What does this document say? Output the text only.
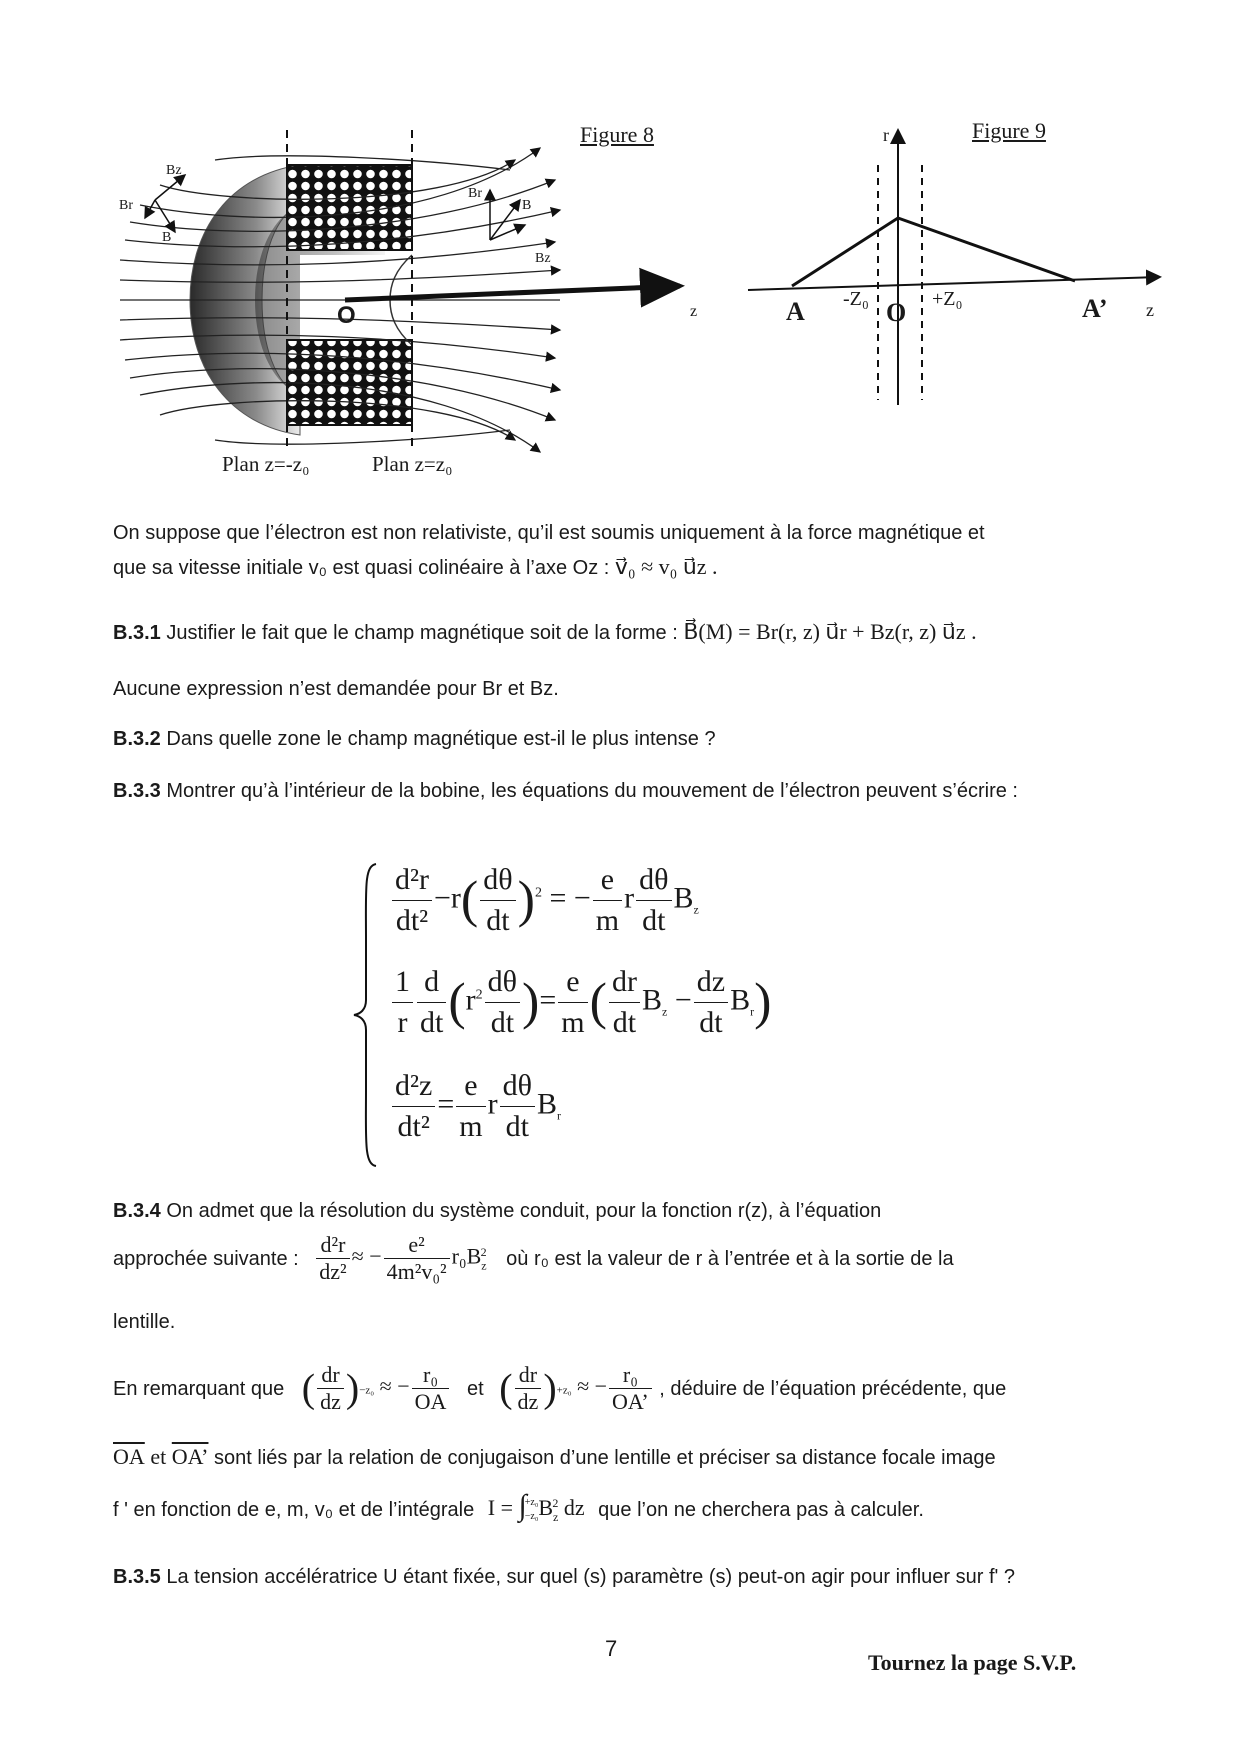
Figure 8
Bz
Br
B
Br
B
Bz
O	z
Plan z=-z₀	Plan z=z₀
Figure 9
r
A -Z₀ O +Z₀	A’ z
On suppose que l’électron est non relativiste, qu’il est soumis uniquement à la force magnétique et
que sa vitesse initiale v₀ est quasi colinéaire à l’axe Oz : v⃗₀ ≈ v₀ u⃗z .
B.3.1 Justifier le fait que le champ magnétique soit de la forme : B⃗(M) = Br(r, z) u⃗r + Bz(r, z) u⃗z .
Aucune expression n’est demandée pour Br et Bz.
B.3.2 Dans quelle zone le champ magnétique est-il le plus intense ?
B.3.3 Montrer qu’à l’intérieur de la bobine, les équations du mouvement de l’électron peuvent s’écrire :
$\frac{\text{d²r}}{\text{dt²}} -r( \frac{d\theta}{dt} )^2$ = − $\frac{e}{m}$ r $\frac{d\theta}{dt} B_z$
$\frac{1}{r} \frac{d}{dt} (r^2 \frac{d\theta}{dt}$ )= $\frac{e}{m}$ ( $\frac{dr}{dt} B_z - \frac{dz}{dt} B_r$)
$\frac{\text{d²z}}{\text{dt²}} = \frac{e}{m}$ r $\frac{d\theta}{dt} B_r$
B.3.4 On admet que la résolution du système conduit, pour la fonction r(z), à l’équation
approchée suivante : $\frac{\text{d²r}}{\text{dz²}}$ ≈ − $\frac{\text{e²}}{\text{4m²v₀²}} r_0B_z^2$ où r₀ est la valeur de r à l’entrée et à la sortie de la
lentille.
En remarquant que ( $\frac{dr}{dz} )-z_0$ ≈ − $\frac{\text{r₀}}{OA}$ et ( $\frac{dr}{dz} )+z_0$ ≈ − $\frac{\text{r₀}}{OA’}$ , déduire de l’équation précédente, que
$\overline{OA}$ et OA’ sont liés par la relation de conjugaison d’une lentille et préciser sa distance focale image
f ' en fonction de e, m, v₀ et de l’intégrale I = ∫
+z₀
−z₀ $B_z^2$ dz que l’on ne cherchera pas à calculer.
B.3.5 La tension accélératrice U étant fixée, sur quel (s) paramètre (s) peut-on agir pour influer sur f' ?
7
Tournez la page S.V.P.
